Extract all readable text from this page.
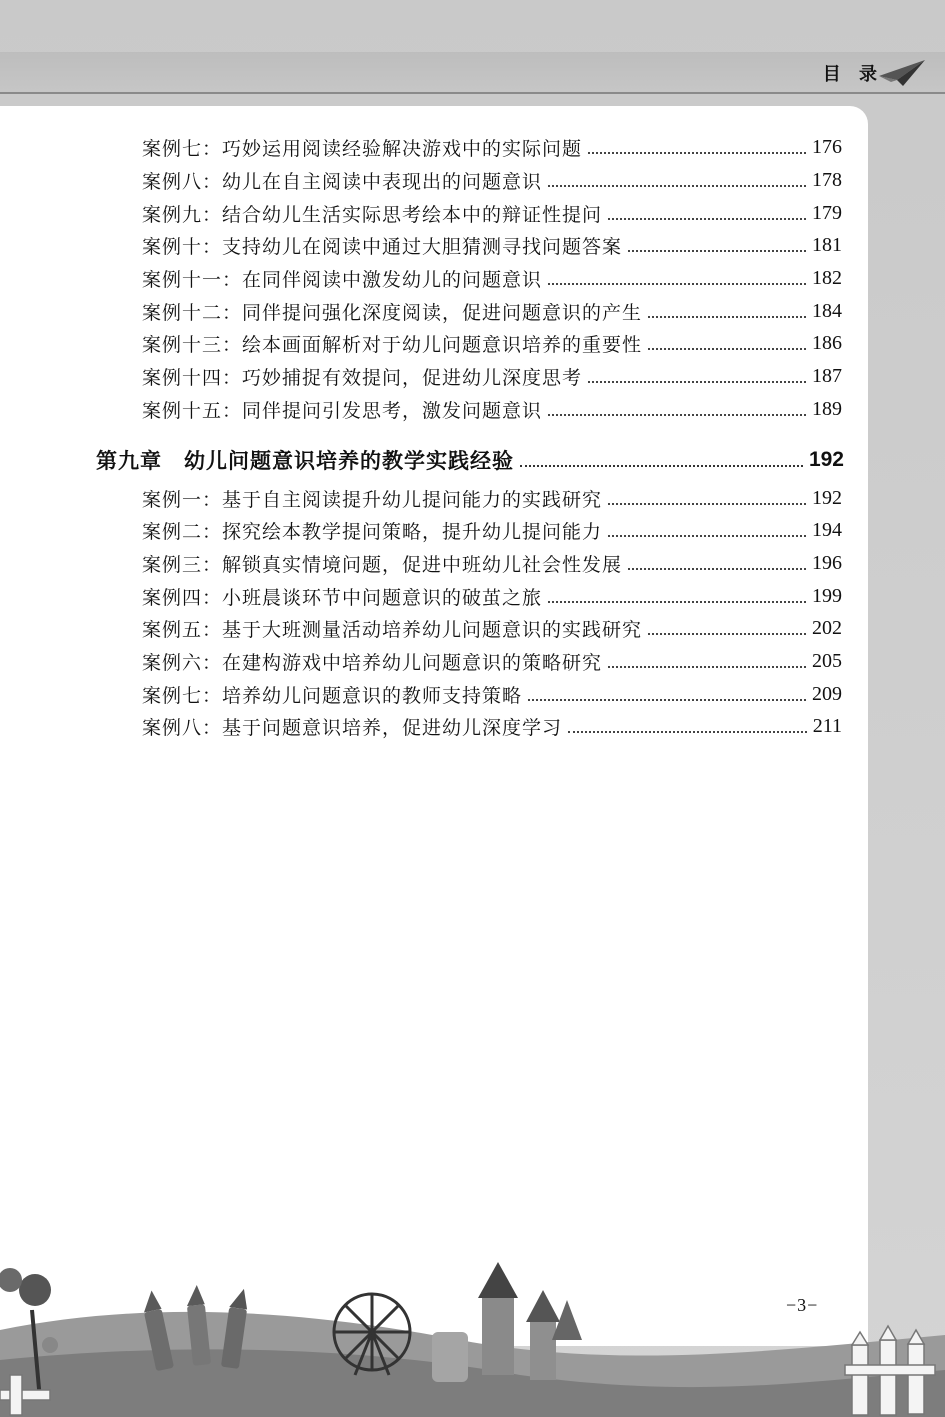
目 录
案例七：巧妙运用阅读经验解决游戏中的实际问题	176
案例八：幼儿在自主阅读中表现出的问题意识	178
案例九：结合幼儿生活实际思考绘本中的辩证性提问	179
案例十：支持幼儿在阅读中通过大胆猜测寻找问题答案	181
案例十一：在同伴阅读中激发幼儿的问题意识	182
案例十二：同伴提问强化深度阅读，促进问题意识的产生	184
案例十三：绘本画面解析对于幼儿问题意识培养的重要性	186
案例十四：巧妙捕捉有效提问，促进幼儿深度思考	187
案例十五：同伴提问引发思考，激发问题意识	189
第九章　幼儿问题意识培养的教学实践经验	192
案例一：基于自主阅读提升幼儿提问能力的实践研究	192
案例二：探究绘本教学提问策略，提升幼儿提问能力	194
案例三：解锁真实情境问题，促进中班幼儿社会性发展	196
案例四：小班晨谈环节中问题意识的破茧之旅	199
案例五：基于大班测量活动培养幼儿问题意识的实践研究	202
案例六：在建构游戏中培养幼儿问题意识的策略研究	205
案例七：培养幼儿问题意识的教师支持策略	209
案例八：基于问题意识培养，促进幼儿深度学习	211
−3−
